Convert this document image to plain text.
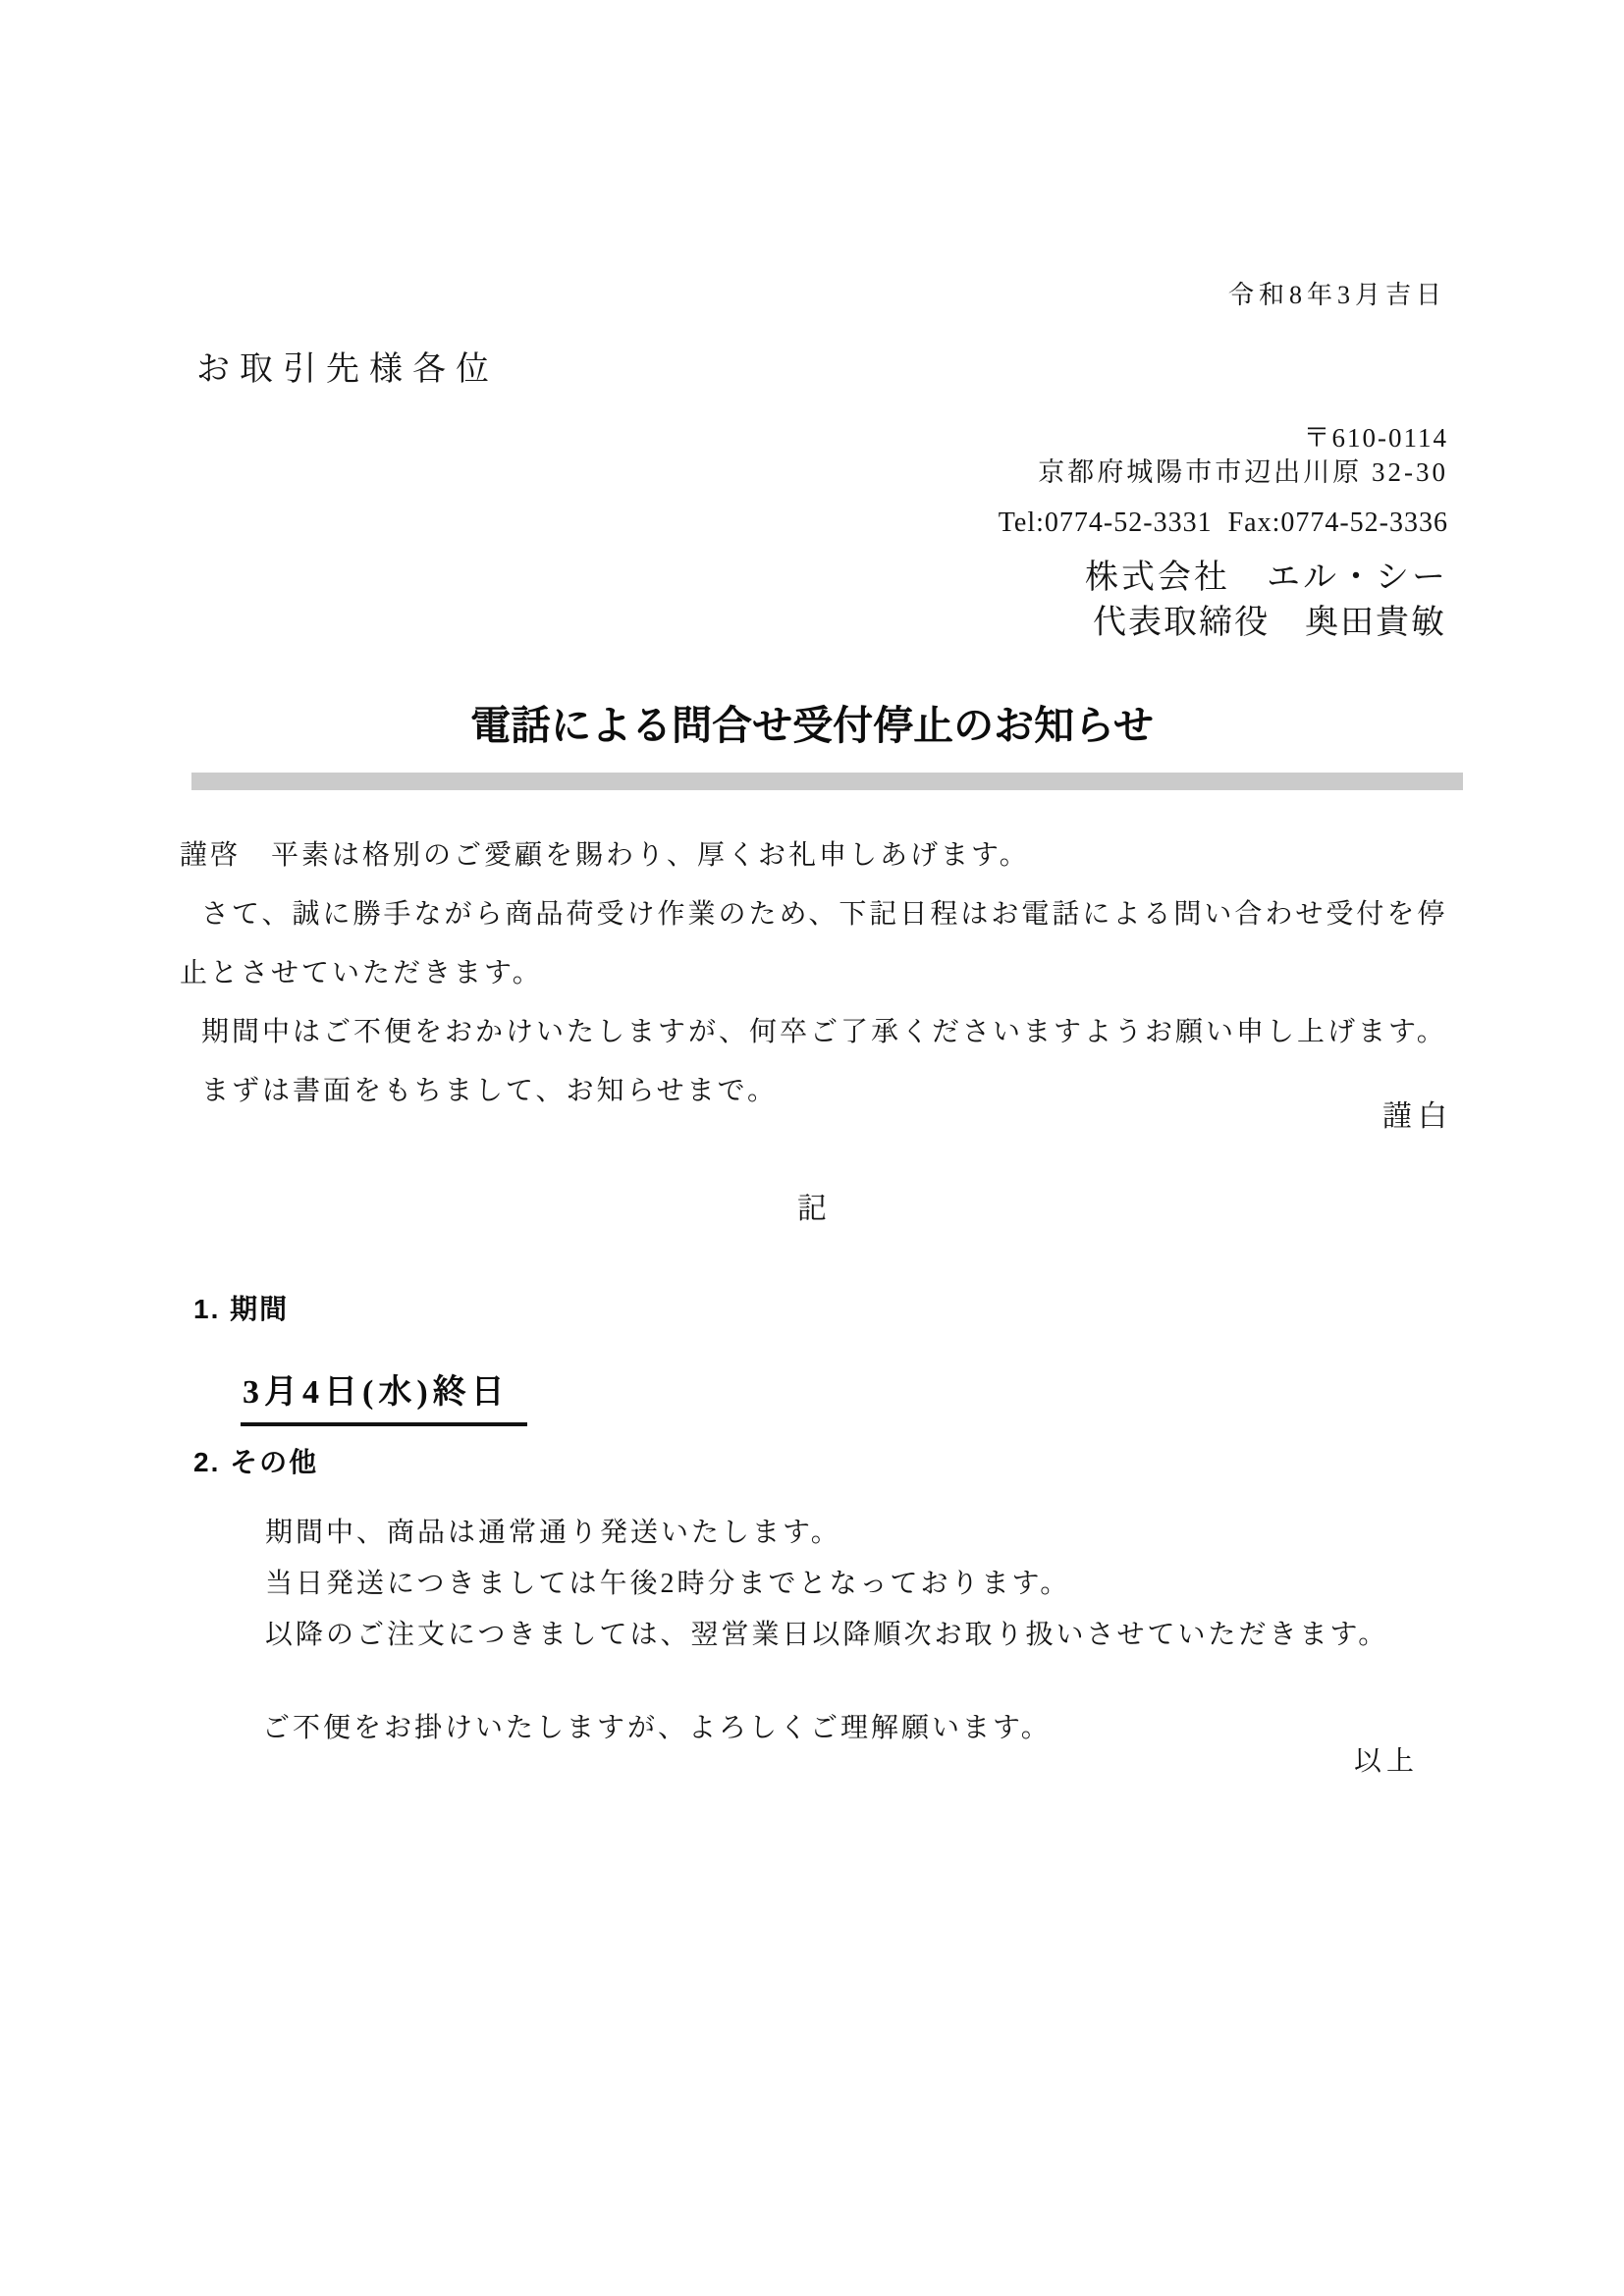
令和8年3月吉日
お取引先様各位
〒610-0114
京都府城陽市市辺出川原 32-30
Tel:0774-52-3331  Fax:0774-52-3336
株式会社　エル・シー
代表取締役　奥田貴敏
電話による問合せ受付停止のお知らせ

謹啓　平素は格別のご愛顧を賜わり、厚くお礼申しあげます。

さて、誠に勝手ながら商品荷受け作業のため、下記日程はお電話による問い合わせ受付を停止とさせていただきます。

期間中はご不便をおかけいたしますが、何卒ご了承くださいますようお願い申し上げます。

まずは書面をもちまして、お知らせまで。

謹白
記
1. 期間
3月4日(水)終日
2. その他

期間中、商品は通常通り発送いたします。

当日発送につきましては午後2時分までとなっております。

以降のご注文につきましては、翌営業日以降順次お取り扱いさせていただきます。

ご不便をお掛けいたしますが、よろしくご理解願います。
以上
